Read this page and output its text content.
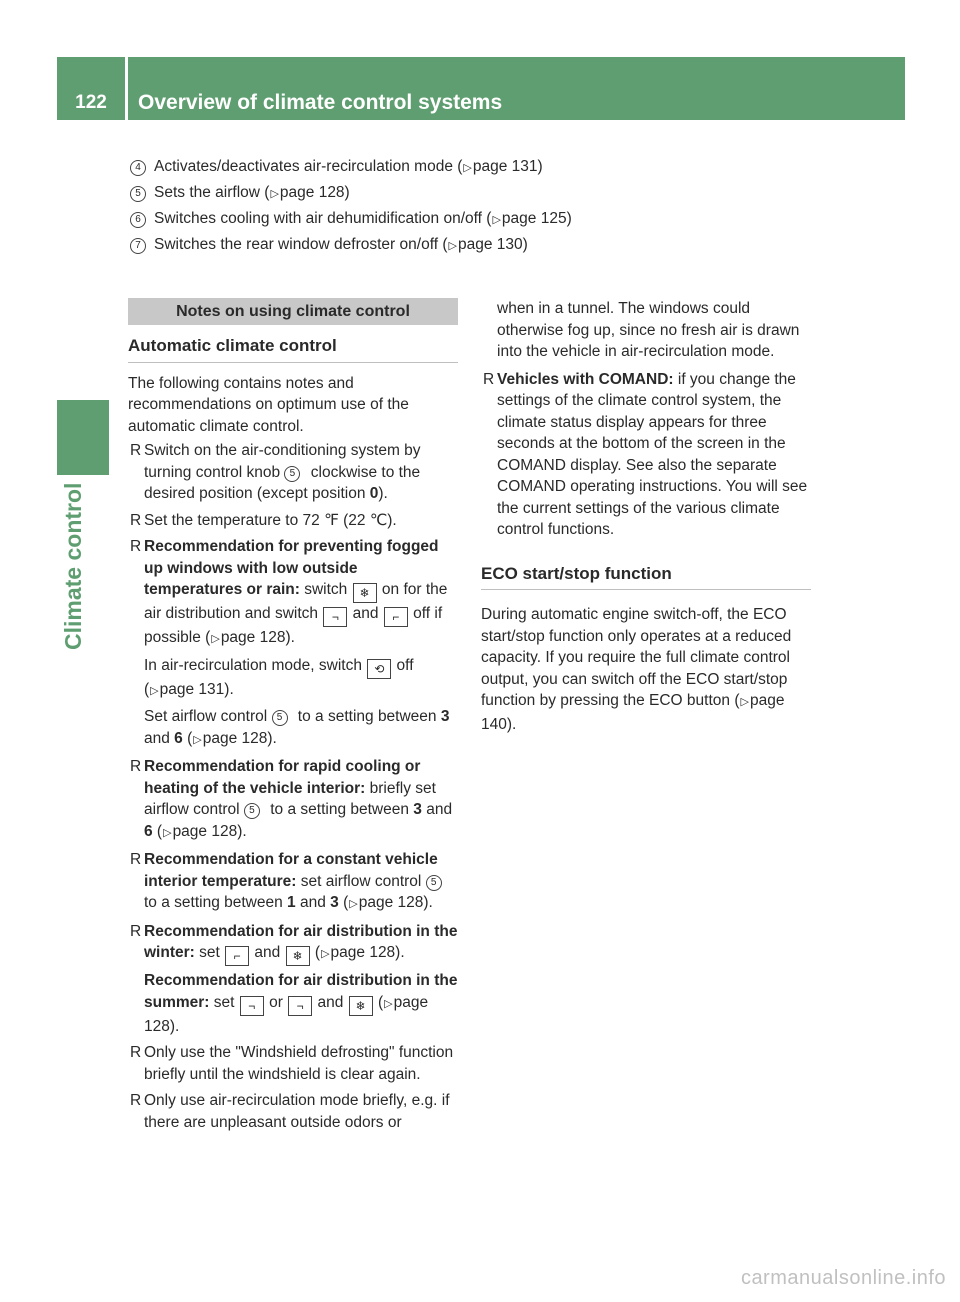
122	Overview of climate control systems
Climate control
4 Activates/deactivates air-recirculation mode (▷page 131)
5 Sets the airflow (▷page 128)
6 Switches cooling with air dehumidification on/off (▷page 125)
7 Switches the rear window defroster on/off (▷page 130)
Notes on using climate control
Automatic climate control

The following contains notes and recommendations on optimum use of the automatic climate control.

R Switch on the air-conditioning system by turning control knob 5 clockwise to the desired position (except position 0).
R Set the temperature to 72 ℉ (22 ℃).
R Recommendation for preventing fogged up windows with low outside temperatures or rain: switch ❄ on for the air distribution and switch ¬ and ⌐ off if possible (▷page 128).

In air-recirculation mode, switch ⟲ off (▷page 131).

Set airflow control 5 to a setting between 3 and 6 (▷page 128).

R Recommendation for rapid cooling or heating of the vehicle interior: briefly set airflow control 5 to a setting between 3 and 6 (▷page 128).
R Recommendation for a constant vehicle interior temperature: set airflow control 5 to a setting between 1 and 3 (▷page 128).
R Recommendation for air distribution in the winter: set ⌐ and ❄ (▷page 128).

Recommendation for air distribution in the summer: set ¬ or ¬ and ❄ (▷page 128).

R Only use the "Windshield defrosting" function briefly until the windshield is clear again.
R Only use air-recirculation mode briefly, e.g. if there are unpleasant outside odors or

when in a tunnel. The windows could otherwise fog up, since no fresh air is drawn into the vehicle in air-recirculation mode.

R Vehicles with COMAND: if you change the settings of the climate control system, the climate status display appears for three seconds at the bottom of the screen in the COMAND display. See also the separate COMAND operating instructions. You will see the current settings of the various climate control functions.
ECO start/stop function

During automatic engine switch-off, the ECO start/stop function only operates at a reduced capacity. If you require the full climate control output, you can switch off the ECO start/stop function by pressing the ECO button (▷page 140).

carmanualsonline.info
